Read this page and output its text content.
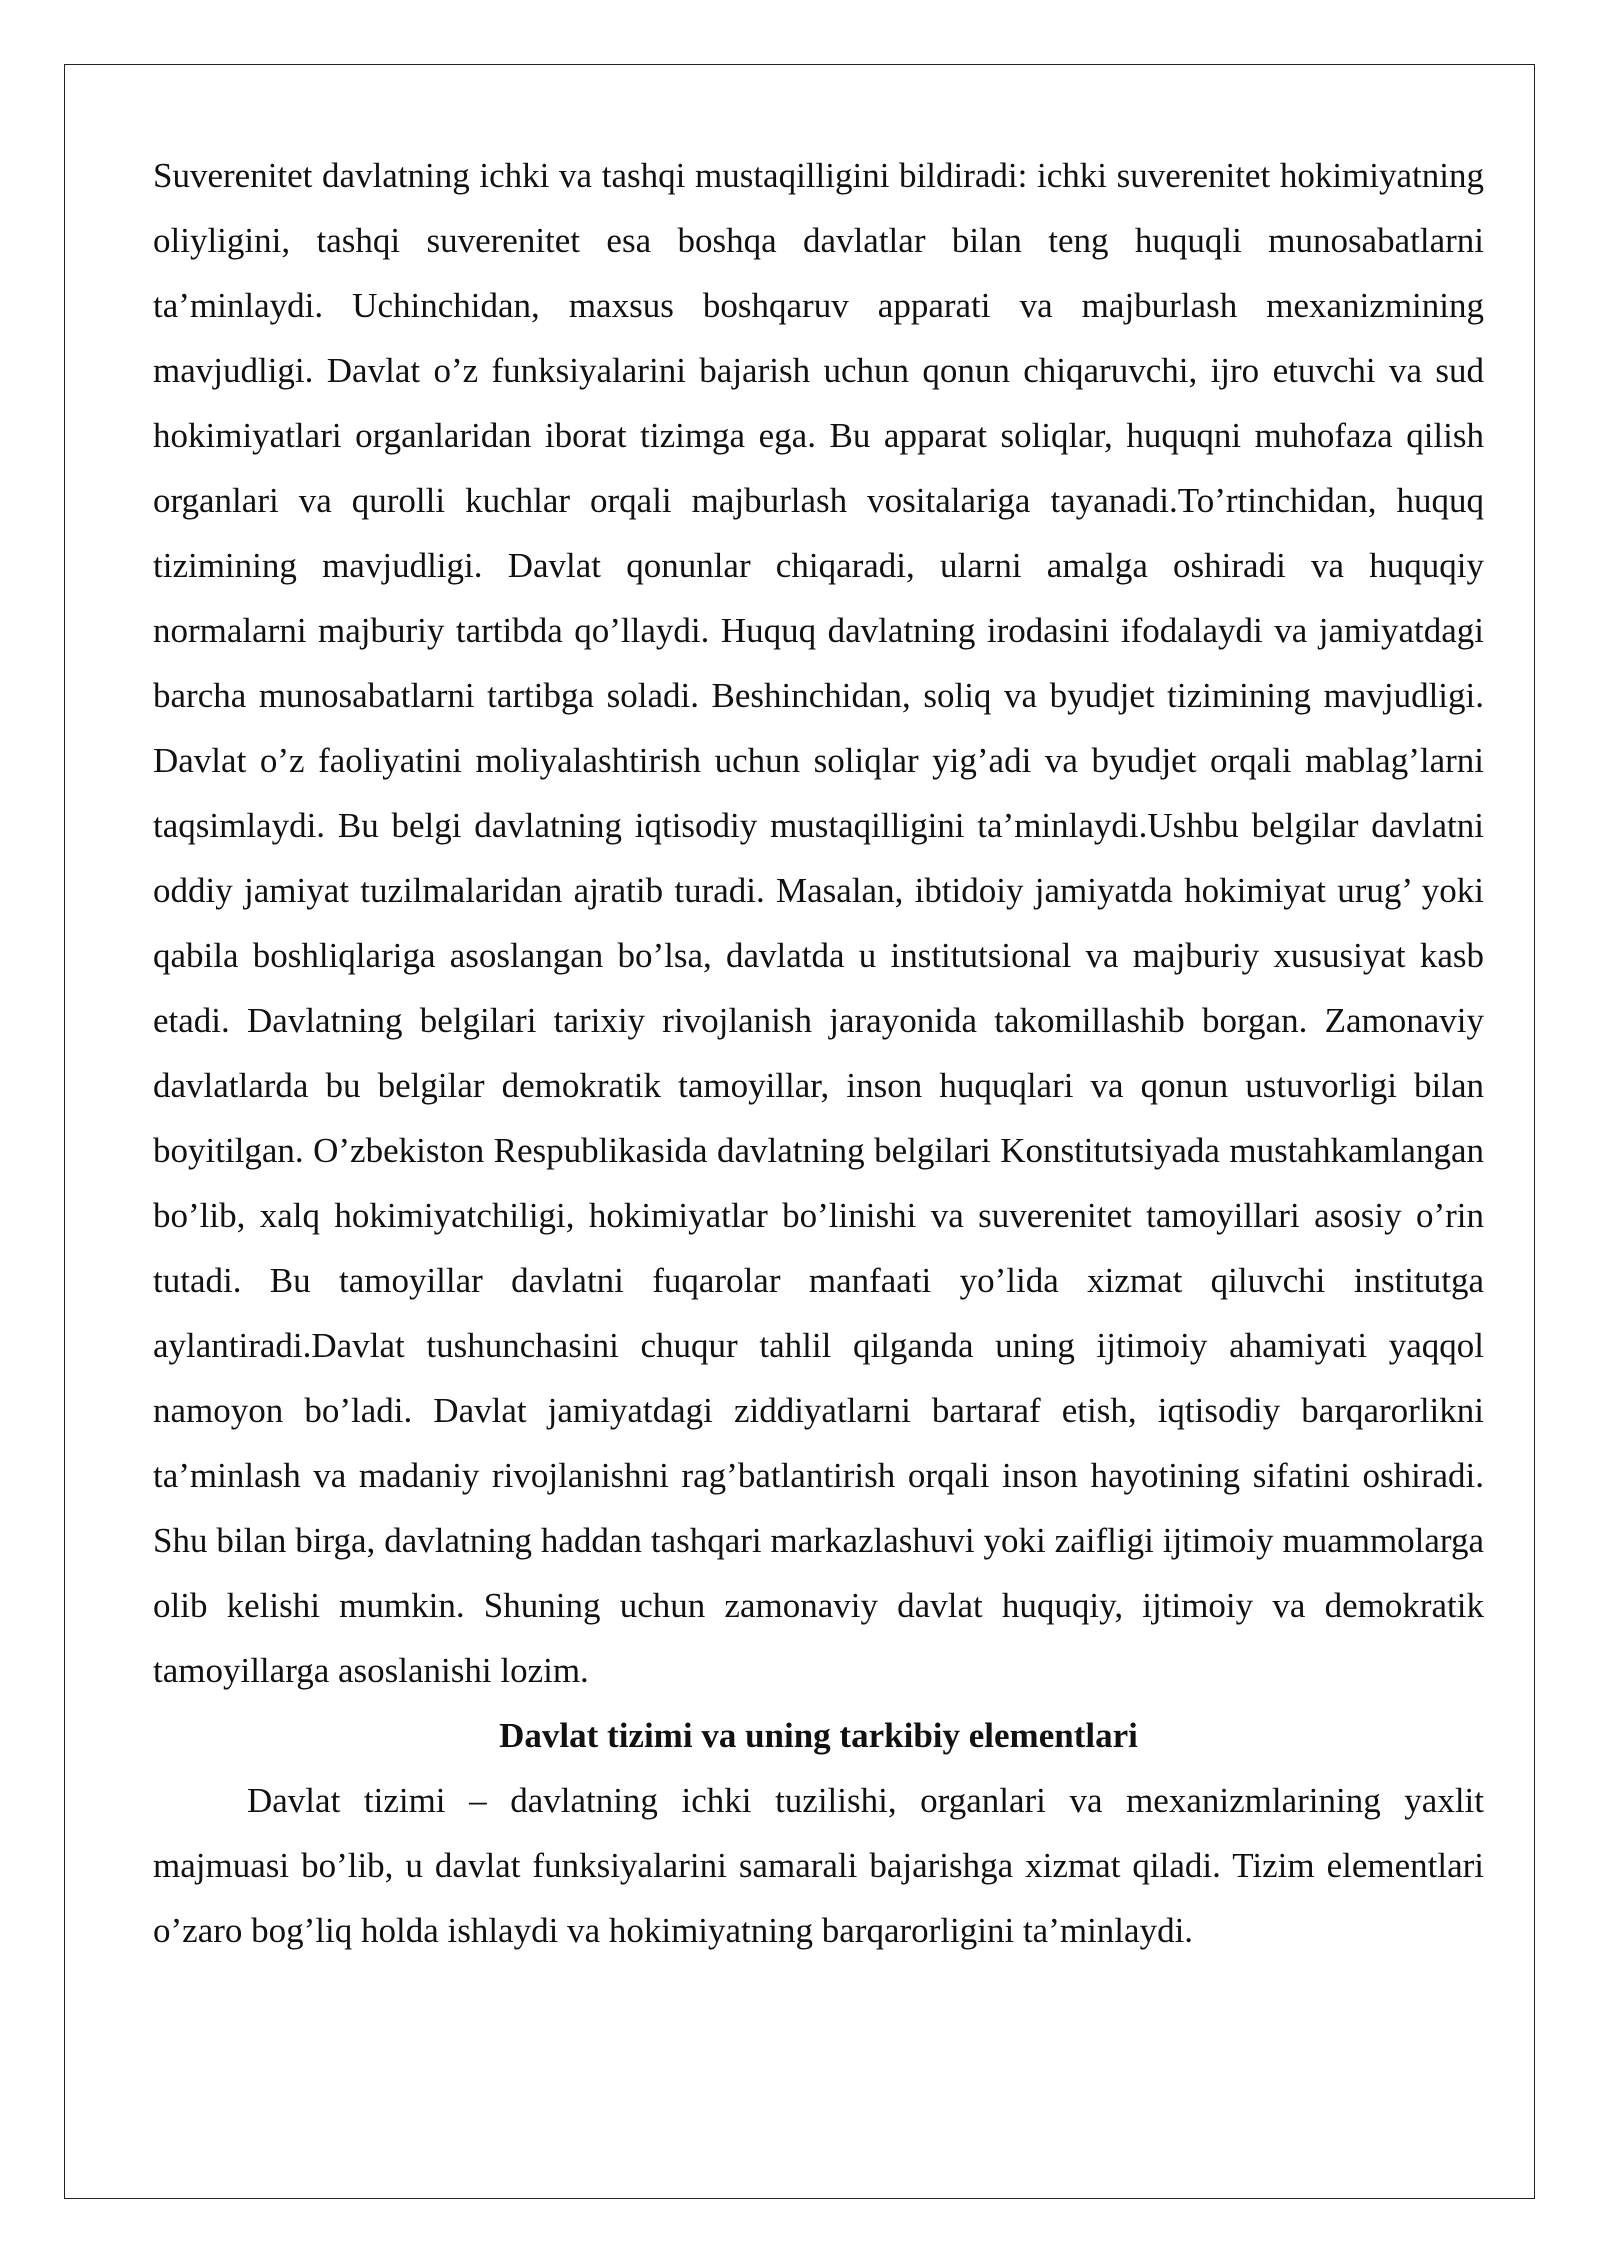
Suverenitet davlatning ichki va tashqi mustaqilligini bildiradi: ichki suverenitet hokimiyatning oliyligini, tashqi suverenitet esa boshqa davlatlar bilan teng huquqli munosabatlarni ta’minlaydi. Uchinchidan, maxsus boshqaruv apparati va majburlash mexanizmining mavjudligi. Davlat o’z funksiyalarini bajarish uchun qonun chiqaruvchi, ijro etuvchi va sud hokimiyatlari organlaridan iborat tizimga ega. Bu apparat soliqlar, huquqni muhofaza qilish organlari va qurolli kuchlar orqali majburlash vositalariga tayanadi.To’rtinchidan, huquq tizimining mavjudligi. Davlat qonunlar chiqaradi, ularni amalga oshiradi va huquqiy normalarni majburiy tartibda qo’llaydi. Huquq davlatning irodasini ifodalaydi va jamiyatdagi barcha munosabatlarni tartibga soladi. Beshinchidan, soliq va byudjet tizimining mavjudligi. Davlat o’z faoliyatini moliyalashtirish uchun soliqlar yig’adi va byudjet orqali mablag’larni taqsimlaydi. Bu belgi davlatning iqtisodiy mustaqilligini ta’minlaydi.Ushbu belgilar davlatni oddiy jamiyat tuzilmalaridan ajratib turadi. Masalan, ibtidoiy jamiyatda hokimiyat urug’ yoki qabila boshliqlariga asoslangan bo’lsa, davlatda u institutsional va majburiy xususiyat kasb etadi. Davlatning belgilari tarixiy rivojlanish jarayonida takomillashib borgan. Zamonaviy davlatlarda bu belgilar demokratik tamoyillar, inson huquqlari va qonun ustuvorligi bilan boyitilgan. O’zbekiston Respublikasida davlatning belgilari Konstitutsiyada mustahkamlangan bo’lib, xalq hokimiyatchiligi, hokimiyatlar bo’linishi va suverenitet tamoyillari asosiy o’rin tutadi. Bu tamoyillar davlatni fuqarolar manfaati yo’lida xizmat qiluvchi institutga aylantiradi.Davlat tushunchasini chuqur tahlil qilganda uning ijtimoiy ahamiyati yaqqol namoyon bo’ladi. Davlat jamiyatdagi ziddiyatlarni bartaraf etish, iqtisodiy barqarorlikni ta’minlash va madaniy rivojlanishni rag’batlantirish orqali inson hayotining sifatini oshiradi. Shu bilan birga, davlatning haddan tashqari markazlashuvi yoki zaifligi ijtimoiy muammolarga olib kelishi mumkin. Shuning uchun zamonaviy davlat huquqiy, ijtimoiy va demokratik tamoyillarga asoslanishi lozim.

Davlat tizimi va uning tarkibiy elementlari

Davlat tizimi – davlatning ichki tuzilishi, organlari va mexanizmlarining yaxlit majmuasi bo’lib, u davlat funksiyalarini samarali bajarishga xizmat qiladi. Tizim elementlari o’zaro bog’liq holda ishlaydi va hokimiyatning barqarorligini ta’minlaydi.
